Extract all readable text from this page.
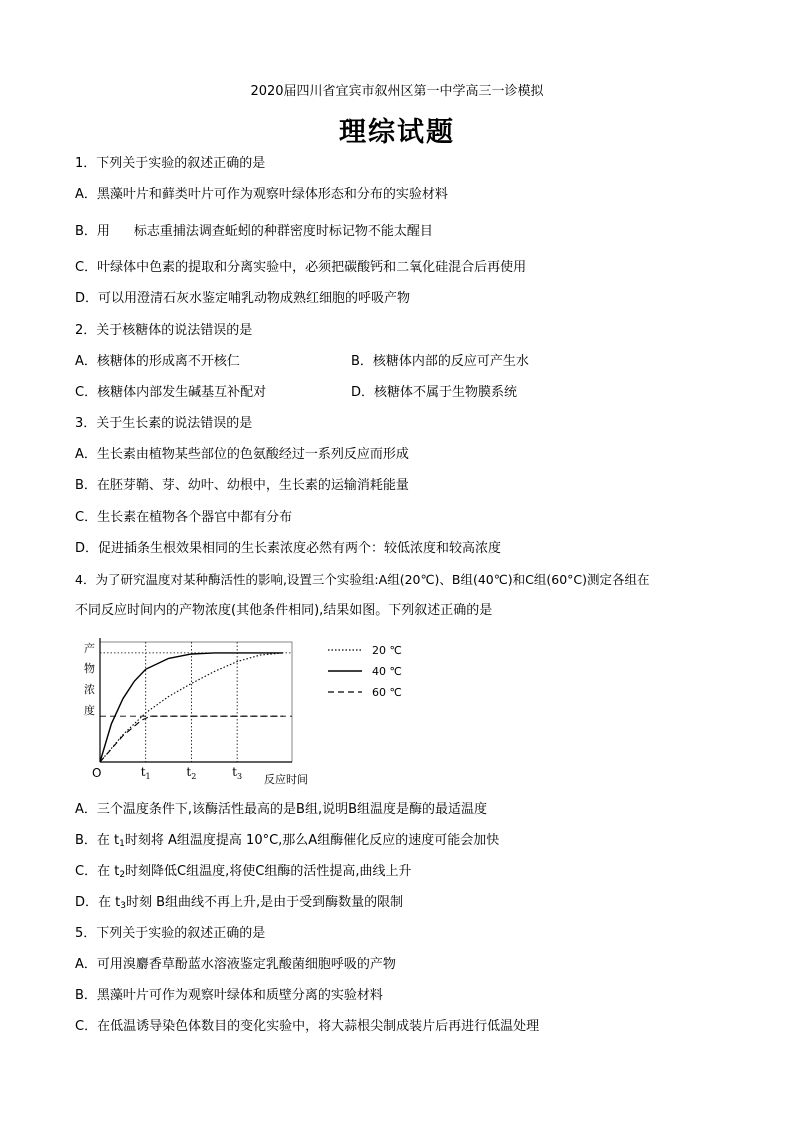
2020届四川省宜宾市叙州区第一中学高三一诊模拟
理综试题
1．下列关于实验的叙述正确的是
A．黑藻叶片和藓类叶片可作为观察叶绿体形态和分布的实验材料
B．用 标志重捕法调查蚯蚓的种群密度时标记物不能太醒目
C．叶绿体中色素的提取和分离实验中，必须把碳酸钙和二氧化硅混合后再使用
D．可以用澄清石灰水鉴定哺乳动物成熟红细胞的呼吸产物
2．关于核糖体的说法错误的是
A．核糖体的形成离不开核仁	B．核糖体内部的反应可产生水
C．核糖体内部发生碱基互补配对	D．核糖体不属于生物膜系统
3．关于生长素的说法错误的是
A．生长素由植物某些部位的色氨酸经过一系列反应而形成
B．在胚芽鞘、芽、幼叶、幼根中，生长素的运输消耗能量
C．生长素在植物各个器官中都有分布
D．促进插条生根效果相同的生长素浓度必然有两个：较低浓度和较高浓度
4．为了研究温度对某种酶活性的影响,设置三个实验组:A组(20℃)、B组(40℃)和C组(60°C)测定各组在
不同反应时间内的产物浓度(其他条件相同),结果如图。下列叙述正确的是
$t_1$	$t_2$	$t_3$
产
物
浓
度
O	反应时间
20 ℃
40 ℃
60 ℃
A．三个温度条件下,该酶活性最高的是B组,说明B组温度是酶的最适温度
B．在 $t_1$时刻将 A组温度提高 10°C,那么A组酶催化反应的速度可能会加快
C．在 $t_2$时刻降低C组温度,将使C组酶的活性提高,曲线上升
D．在 $t_3$时刻 B组曲线不再上升,是由于受到酶数量的限制
5．下列关于实验的叙述正确的是
A．可用溴麝香草酚蓝水溶液鉴定乳酸菌细胞呼吸的产物
B．黑藻叶片可作为观察叶绿体和质壁分离的实验材料
C．在低温诱导染色体数目的变化实验中，将大蒜根尖制成装片后再进行低温处理
